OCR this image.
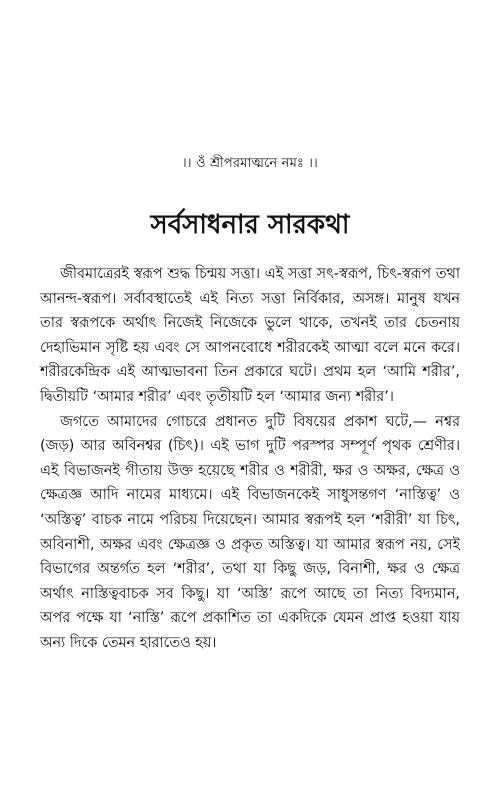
।। ওঁ শ্রীপরমাত্মনে নমঃ ।।
সর্বসাধনার সারকথা

জীবমাত্রেরই স্বরূপ শুদ্ধ চিন্ময় সত্তা। এই সত্তা সৎ-স্বরূপ, চিৎ-স্বরূপ তথা আনন্দ-স্বরূপ। সর্বাবস্থাতেই এই নিত্য সত্তা নির্বিকার, অসঙ্গ। মানুষ যখন তার স্বরূপকে অর্থাৎ নিজেই নিজেকে ভুলে থাকে, তখনই তার চেতনায় দেহাভিমান সৃষ্টি হয় এবং সে আপনবোধে শরীরকেই আত্মা বলে মনে করে। শরীরকেন্দ্রিক এই আত্মভাবনা তিন প্রকারে ঘটে। প্রথম হল ‘আমি শরীর’, দ্বিতীয়টি ‘আমার শরীর’ এবং তৃতীয়টি হল ‘আমার জন্য শরীর’।

জগতে আমাদের গোচরে প্রধানত দুটি বিষয়ের প্রকাশ ঘটে,— নশ্বর (জড়) আর অবিনশ্বর (চিৎ)। এই ভাগ দুটি পরস্পর সম্পূর্ণ পৃথক শ্রেণীর। এই বিভাজনই গীতায় উক্ত হয়েছে শরীর ও শরীরী, ক্ষর ও অক্ষর, ক্ষেত্র ও ক্ষেত্রজ্ঞ আদি নামের মাধ্যমে। এই বিভাজনকেই সাধুসন্তগণ ‘নাস্তিত্ব’ ও ‘অস্তিত্ব’ বাচক নামে পরিচয় দিয়েছেন। আমার স্বরূপই হল ‘শরীরী’ যা চিৎ, অবিনাশী, অক্ষর এবং ক্ষেত্রজ্ঞ ও প্রকৃত অস্তিত্ব। যা আমার স্বরূপ নয়, সেই বিভাগের অন্তর্গত হল ‘শরীর’, তথা যা কিছু জড়, বিনাশী, ক্ষর ও ক্ষেত্র অর্থাৎ নাস্তিত্ববাচক সব কিছু। যা ‘অস্তি’ রূপে আছে তা নিত্য বিদ্যমান, অপর পক্ষে যা ‘নাস্তি’ রূপে প্রকাশিত তা একদিকে যেমন প্রাপ্ত হওয়া যায় অন্য দিকে তেমন হারাতেও হয়।
